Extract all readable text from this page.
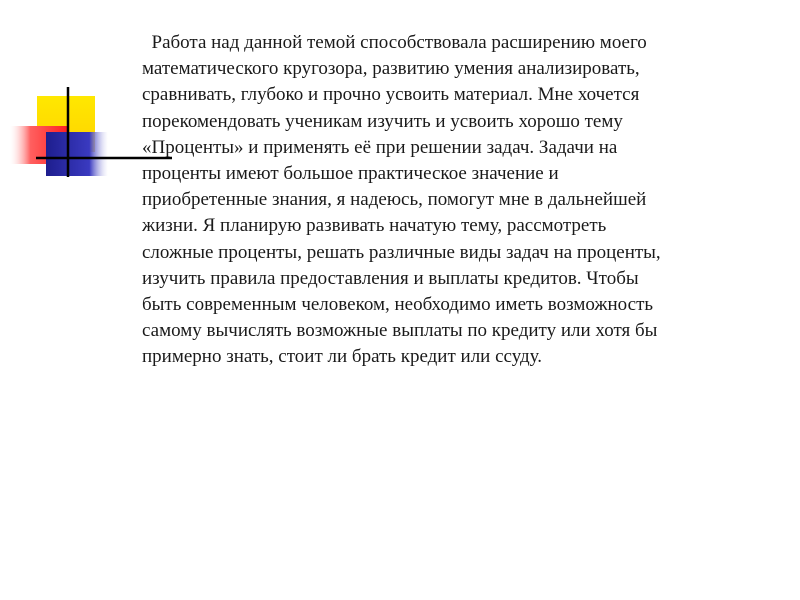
Работа над данной темой способствовала расширению моего
математического кругозора, развитию умения анализировать,
сравнивать, глубоко и прочно усвоить материал. Мне хочется
порекомендовать ученикам изучить и усвоить хорошо тему
«Проценты» и применять её при решении задач. Задачи на
проценты имеют большое практическое значение и
приобретенные знания, я надеюсь, помогут мне в дальнейшей
жизни. Я планирую развивать начатую тему, рассмотреть
сложные проценты, решать различные виды задач на проценты,
изучить правила предоставления и выплаты кредитов. Чтобы
быть современным человеком, необходимо иметь возможность
самому вычислять возможные выплаты по кредиту или хотя бы
примерно знать, стоит ли брать кредит или ссуду.
